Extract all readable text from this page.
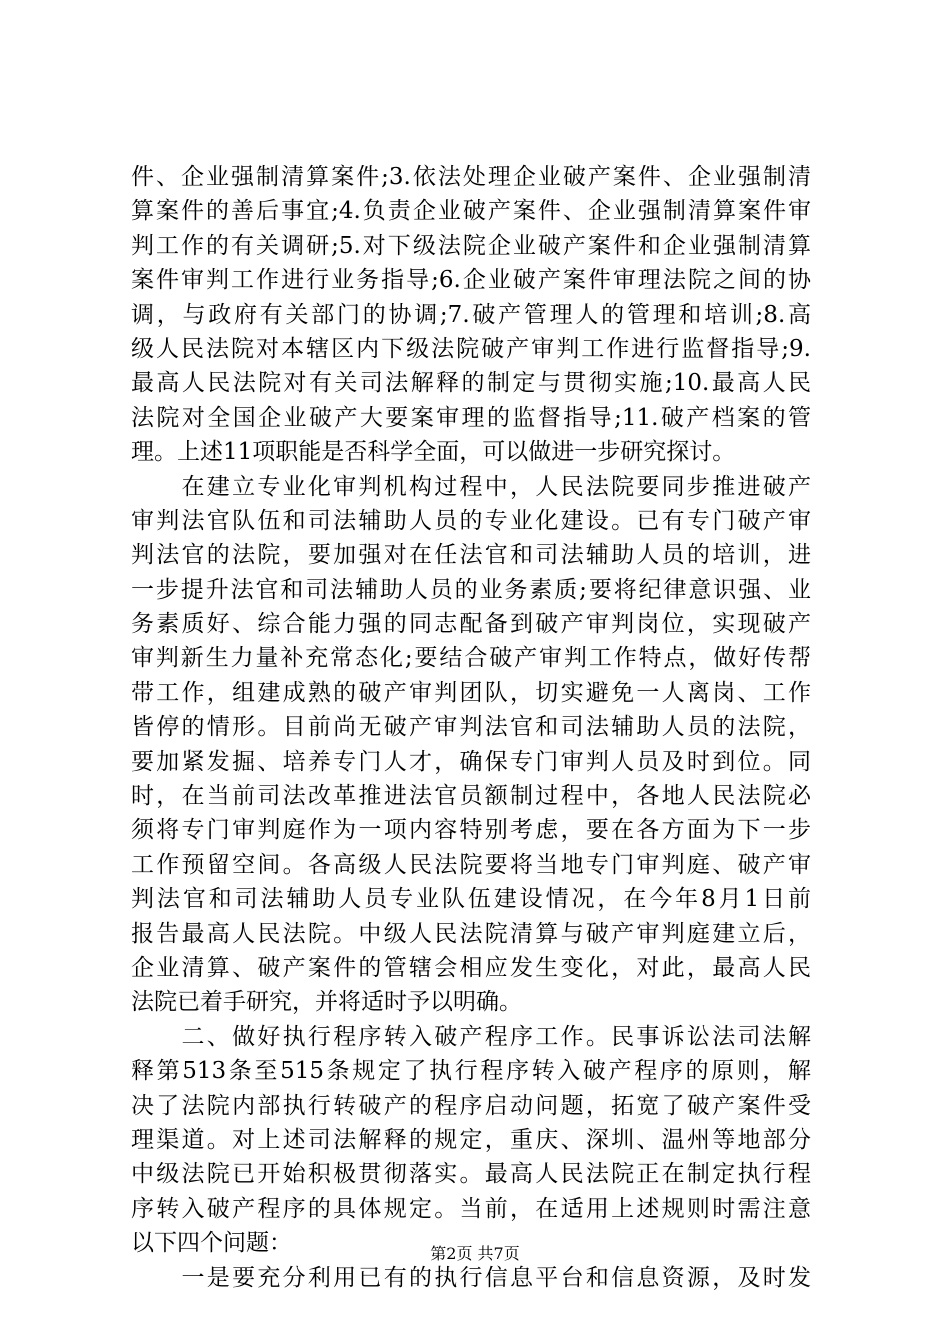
件、企业强制清算案件;3.依法处理企业破产案件、企业强制清
算案件的善后事宜;4.负责企业破产案件、企业强制清算案件审
判工作的有关调研;5.对下级法院企业破产案件和企业强制清算
案件审判工作进行业务指导;6.企业破产案件审理法院之间的协
调，与政府有关部门的协调;7.破产管理人的管理和培训;8.高
级人民法院对本辖区内下级法院破产审判工作进行监督指导;9.
最高人民法院对有关司法解释的制定与贯彻实施;10.最高人民
法院对全国企业破产大要案审理的监督指导;11.破产档案的管
理。上述11项职能是否科学全面，可以做进一步研究探讨。
　　在建立专业化审判机构过程中，人民法院要同步推进破产
审判法官队伍和司法辅助人员的专业化建设。已有专门破产审
判法官的法院，要加强对在任法官和司法辅助人员的培训，进
一步提升法官和司法辅助人员的业务素质;要将纪律意识强、业
务素质好、综合能力强的同志配备到破产审判岗位，实现破产
审判新生力量补充常态化;要结合破产审判工作特点，做好传帮
带工作，组建成熟的破产审判团队，切实避免一人离岗、工作
皆停的情形。目前尚无破产审判法官和司法辅助人员的法院，
要加紧发掘、培养专门人才，确保专门审判人员及时到位。同
时，在当前司法改革推进法官员额制过程中，各地人民法院必
须将专门审判庭作为一项内容特别考虑，要在各方面为下一步
工作预留空间。各高级人民法院要将当地专门审判庭、破产审
判法官和司法辅助人员专业队伍建设情况，在今年8月1日前
报告最高人民法院。中级人民法院清算与破产审判庭建立后，
企业清算、破产案件的管辖会相应发生变化，对此，最高人民
法院已着手研究，并将适时予以明确。
　　二、做好执行程序转入破产程序工作。民事诉讼法司法解
释第513条至515条规定了执行程序转入破产程序的原则，解
决了法院内部执行转破产的程序启动问题，拓宽了破产案件受
理渠道。对上述司法解释的规定，重庆、深圳、温州等地部分
中级法院已开始积极贯彻落实。最高人民法院正在制定执行程
序转入破产程序的具体规定。当前，在适用上述规则时需注意
以下四个问题：
　　一是要充分利用已有的执行信息平台和信息资源，及时发
第2页 共7页
